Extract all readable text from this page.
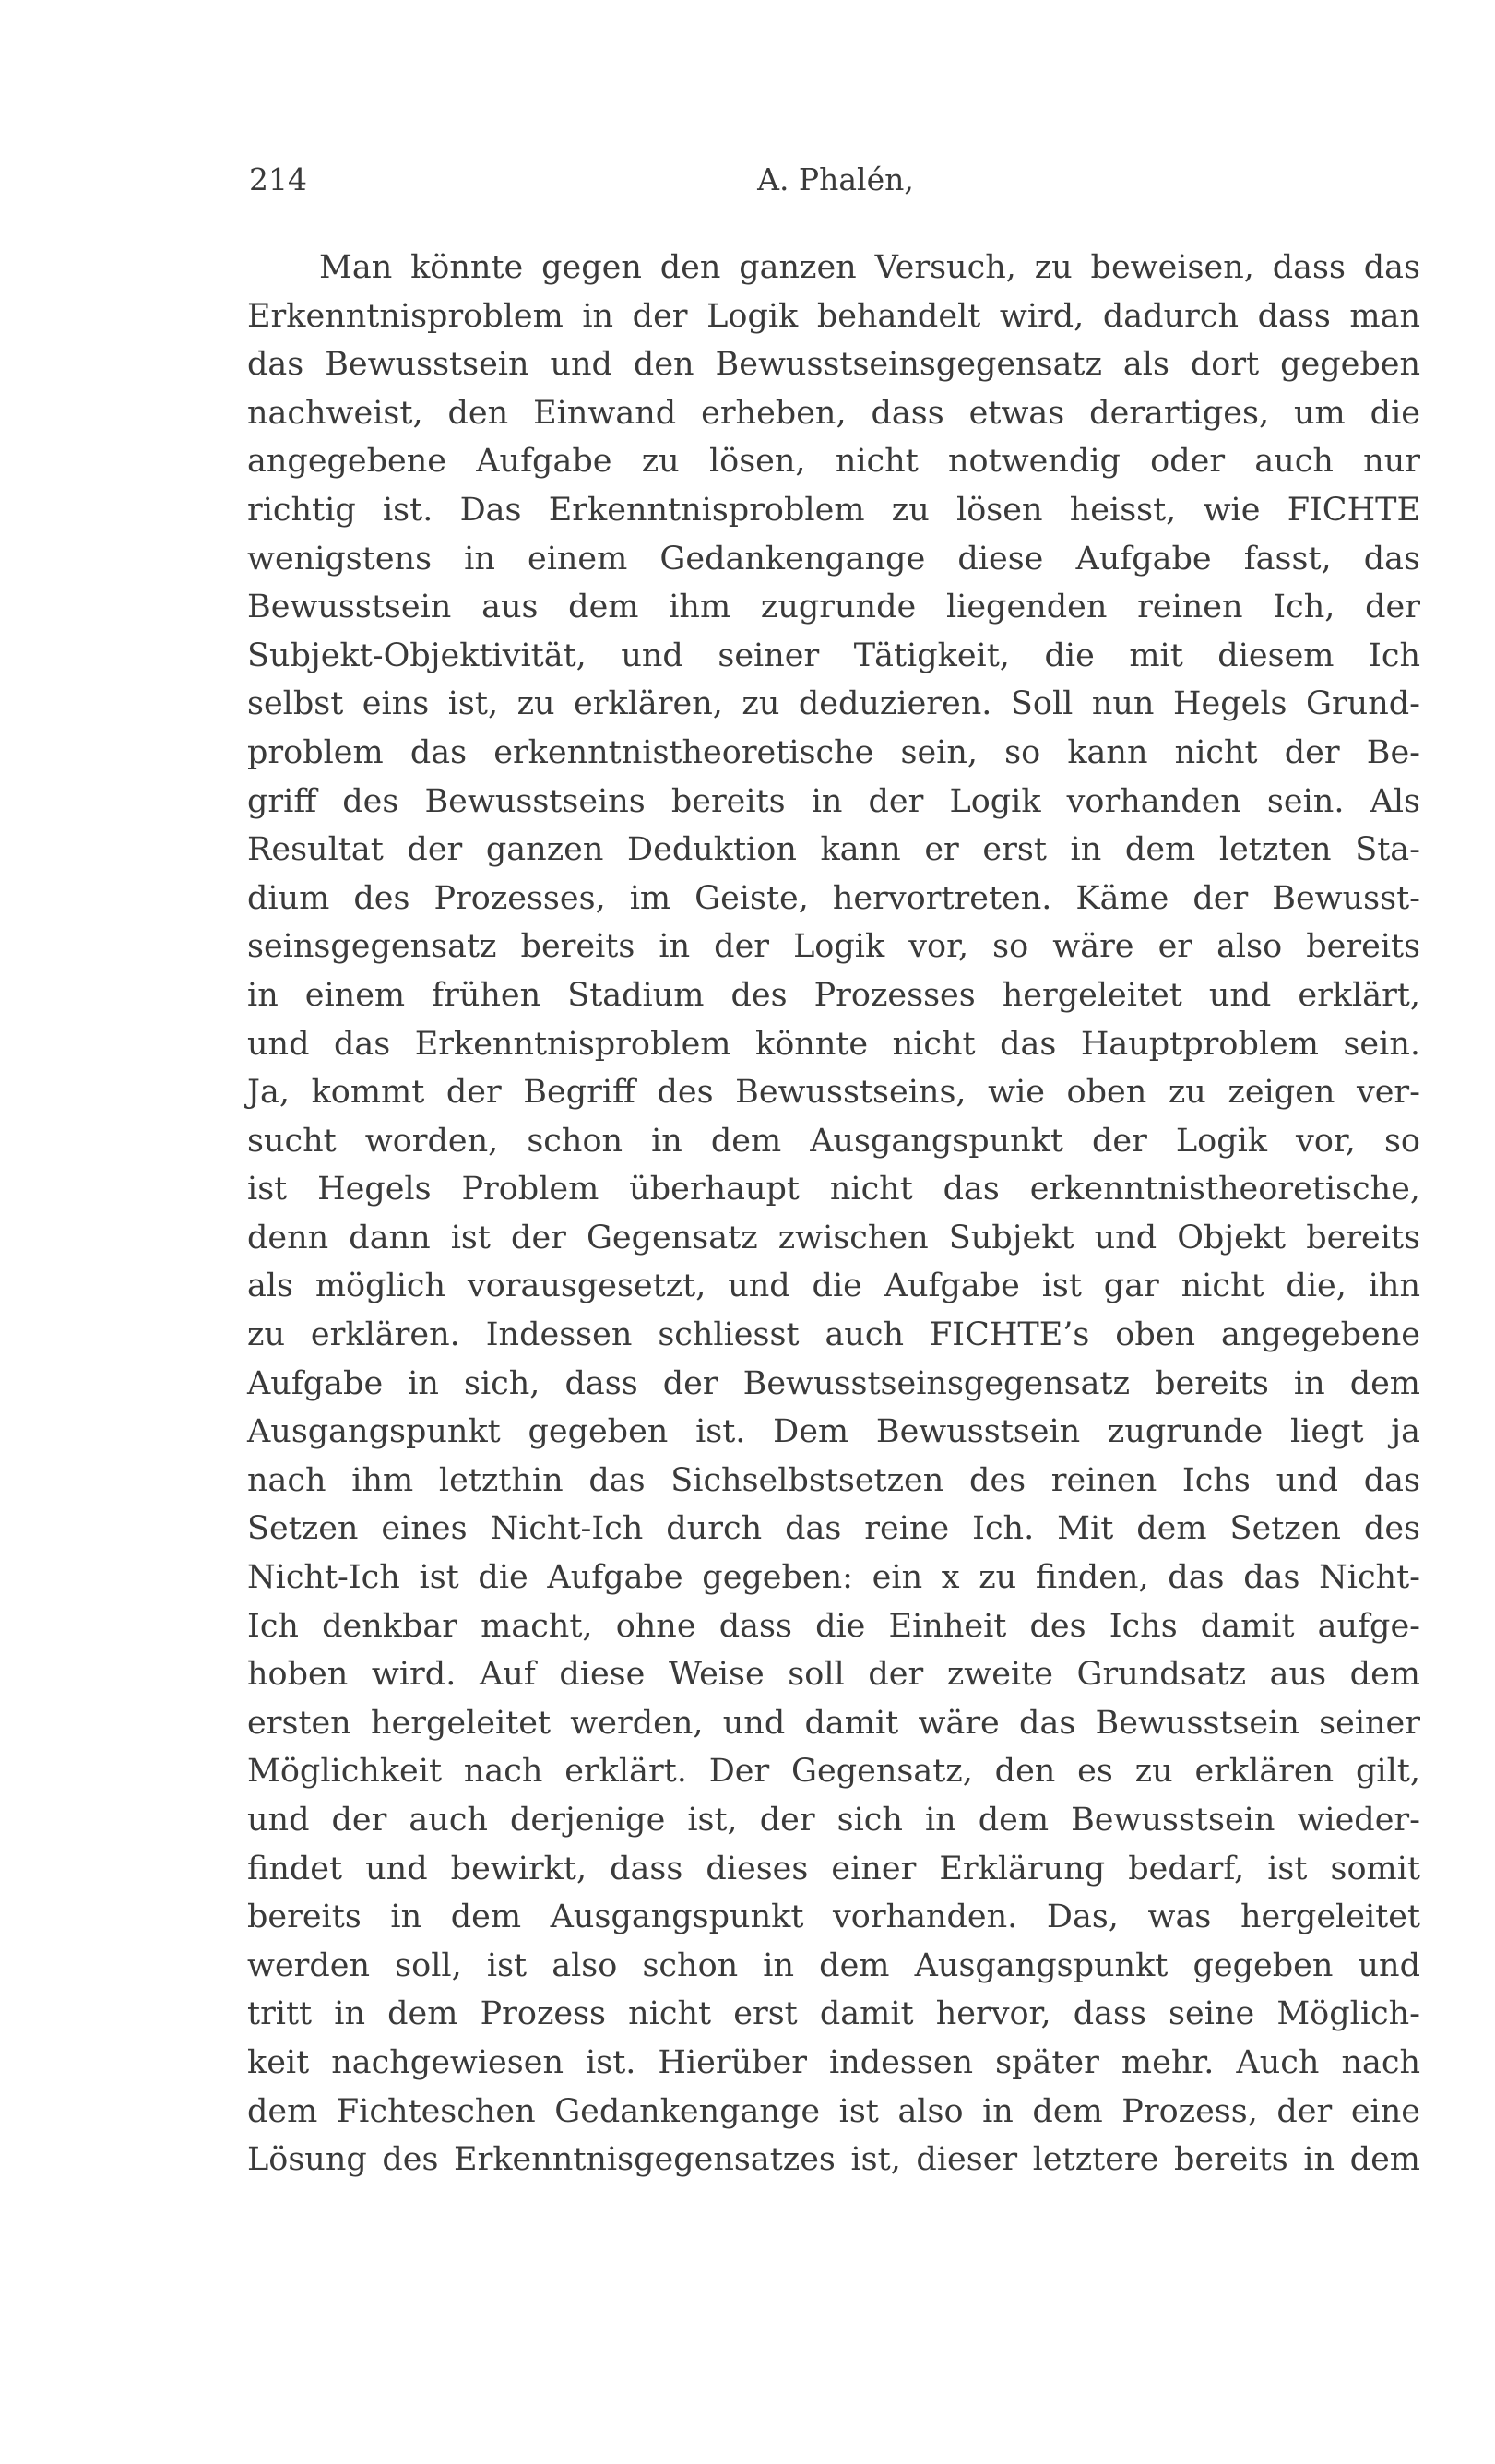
214	A. Phalén,
Man könnte gegen den ganzen Versuch, zu beweisen, dass das
Erkenntnisproblem in der Logik behandelt wird, dadurch dass man
das Bewusstsein und den Bewusstseinsgegensatz als dort gegeben
nachweist, den Einwand erheben, dass etwas derartiges, um die
angegebene Aufgabe zu lösen, nicht notwendig oder auch nur
richtig ist. Das Erkenntnisproblem zu lösen heisst, wie FICHTE
wenigstens in einem Gedankengange diese Aufgabe fasst, das
Bewusstsein aus dem ihm zugrunde liegenden reinen Ich, der
Subjekt-Objektivität, und seiner Tätigkeit, die mit diesem Ich
selbst eins ist, zu erklären, zu deduzieren. Soll nun Hegels Grund-
problem das erkenntnistheoretische sein, so kann nicht der Be-
griff des Bewusstseins bereits in der Logik vorhanden sein. Als
Resultat der ganzen Deduktion kann er erst in dem letzten Sta-
dium des Prozesses, im Geiste, hervortreten. Käme der Bewusst-
seinsgegensatz bereits in der Logik vor, so wäre er also bereits
in einem frühen Stadium des Prozesses hergeleitet und erklärt,
und das Erkenntnisproblem könnte nicht das Hauptproblem sein.
Ja, kommt der Begriff des Bewusstseins, wie oben zu zeigen ver-
sucht worden, schon in dem Ausgangspunkt der Logik vor, so
ist Hegels Problem überhaupt nicht das erkenntnistheoretische,
denn dann ist der Gegensatz zwischen Subjekt und Objekt bereits
als möglich vorausgesetzt, und die Aufgabe ist gar nicht die, ihn
zu erklären. Indessen schliesst auch FICHTE’s oben angegebene
Aufgabe in sich, dass der Bewusstseinsgegensatz bereits in dem
Ausgangspunkt gegeben ist. Dem Bewusstsein zugrunde liegt ja
nach ihm letzthin das Sichselbstsetzen des reinen Ichs und das
Setzen eines Nicht-Ich durch das reine Ich. Mit dem Setzen des
Nicht-Ich ist die Aufgabe gegeben: ein x zu finden, das das Nicht-
Ich denkbar macht, ohne dass die Einheit des Ichs damit aufge-
hoben wird. Auf diese Weise soll der zweite Grundsatz aus dem
ersten hergeleitet werden, und damit wäre das Bewusstsein seiner
Möglichkeit nach erklärt. Der Gegensatz, den es zu erklären gilt,
und der auch derjenige ist, der sich in dem Bewusstsein wieder-
findet und bewirkt, dass dieses einer Erklärung bedarf, ist somit
bereits in dem Ausgangspunkt vorhanden. Das, was hergeleitet
werden soll, ist also schon in dem Ausgangspunkt gegeben und
tritt in dem Prozess nicht erst damit hervor, dass seine Möglich-
keit nachgewiesen ist. Hierüber indessen später mehr. Auch nach
dem Fichteschen Gedankengange ist also in dem Prozess, der eine
Lösung des Erkenntnisgegensatzes ist, dieser letztere bereits in dem
